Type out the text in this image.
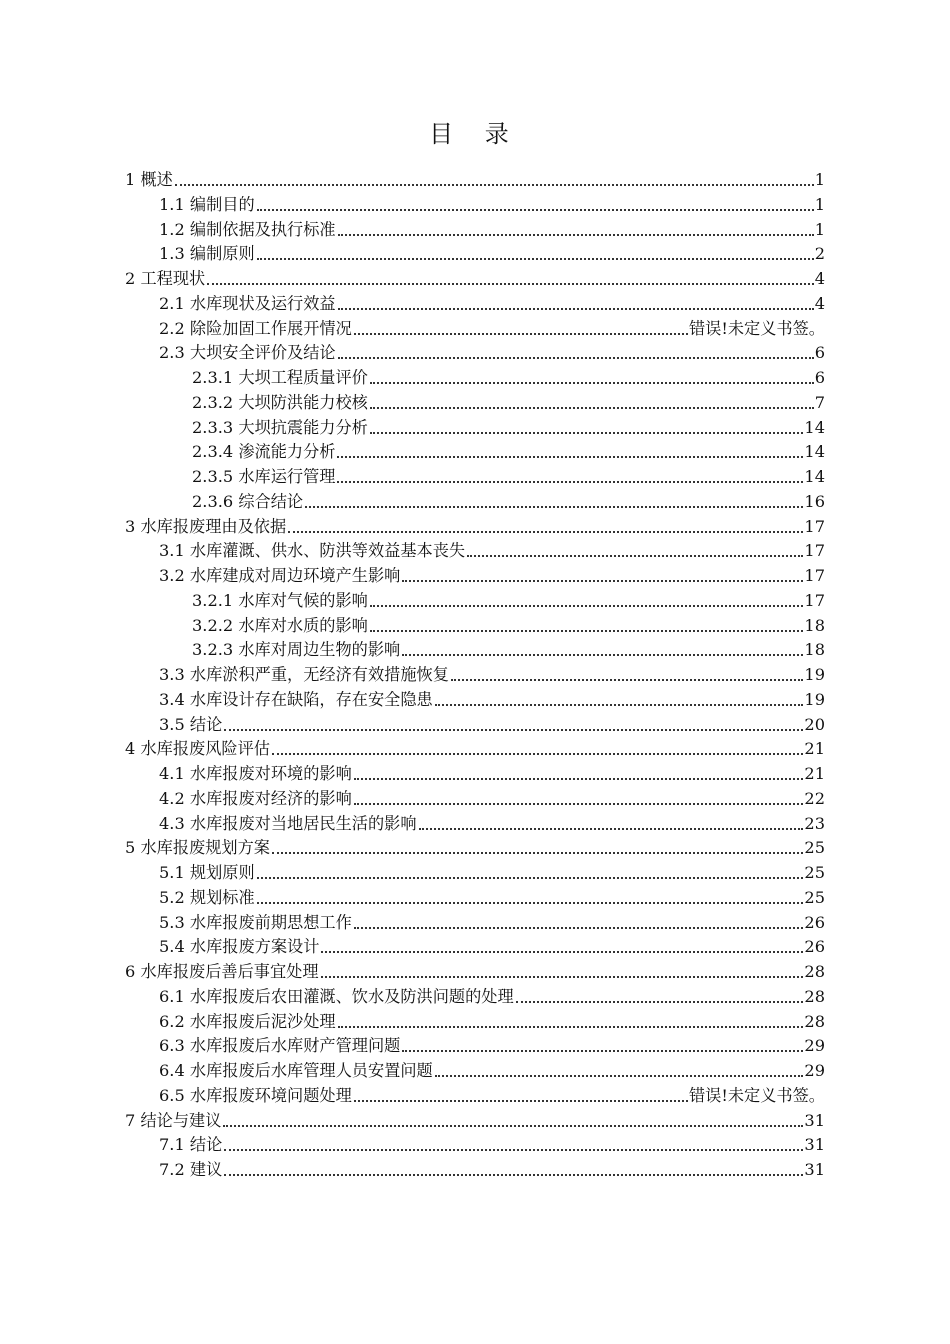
目 录
1 概述	1
1.1 编制目的	1
1.2 编制依据及执行标准	1
1.3 编制原则	2
2 工程现状	4
2.1 水库现状及运行效益	4
2.2 除险加固工作展开情况	错误!未定义书签。
2.3 大坝安全评价及结论	6
2.3.1 大坝工程质量评价	6
2.3.2 大坝防洪能力校核	7
2.3.3 大坝抗震能力分析	14
2.3.4 渗流能力分析	14
2.3.5 水库运行管理	14
2.3.6 综合结论	16
3 水库报废理由及依据	17
3.1 水库灌溉、供水、防洪等效益基本丧失	17
3.2 水库建成对周边环境产生影响	17
3.2.1 水库对气候的影响	17
3.2.2 水库对水质的影响	18
3.2.3 水库对周边生物的影响	18
3.3 水库淤积严重，无经济有效措施恢复	19
3.4 水库设计存在缺陷，存在安全隐患	19
3.5 结论	20
4 水库报废风险评估	21
4.1 水库报废对环境的影响	21
4.2 水库报废对经济的影响	22
4.3 水库报废对当地居民生活的影响	23
5 水库报废规划方案	25
5.1 规划原则	25
5.2 规划标准	25
5.3 水库报废前期思想工作	26
5.4 水库报废方案设计	26
6 水库报废后善后事宜处理	28
6.1 水库报废后农田灌溉、饮水及防洪问题的处理	28
6.2 水库报废后泥沙处理	28
6.3 水库报废后水库财产管理问题	29
6.4 水库报废后水库管理人员安置问题	29
6.5 水库报废环境问题处理	错误!未定义书签。
7 结论与建议	31
7.1 结论	31
7.2 建议	31
